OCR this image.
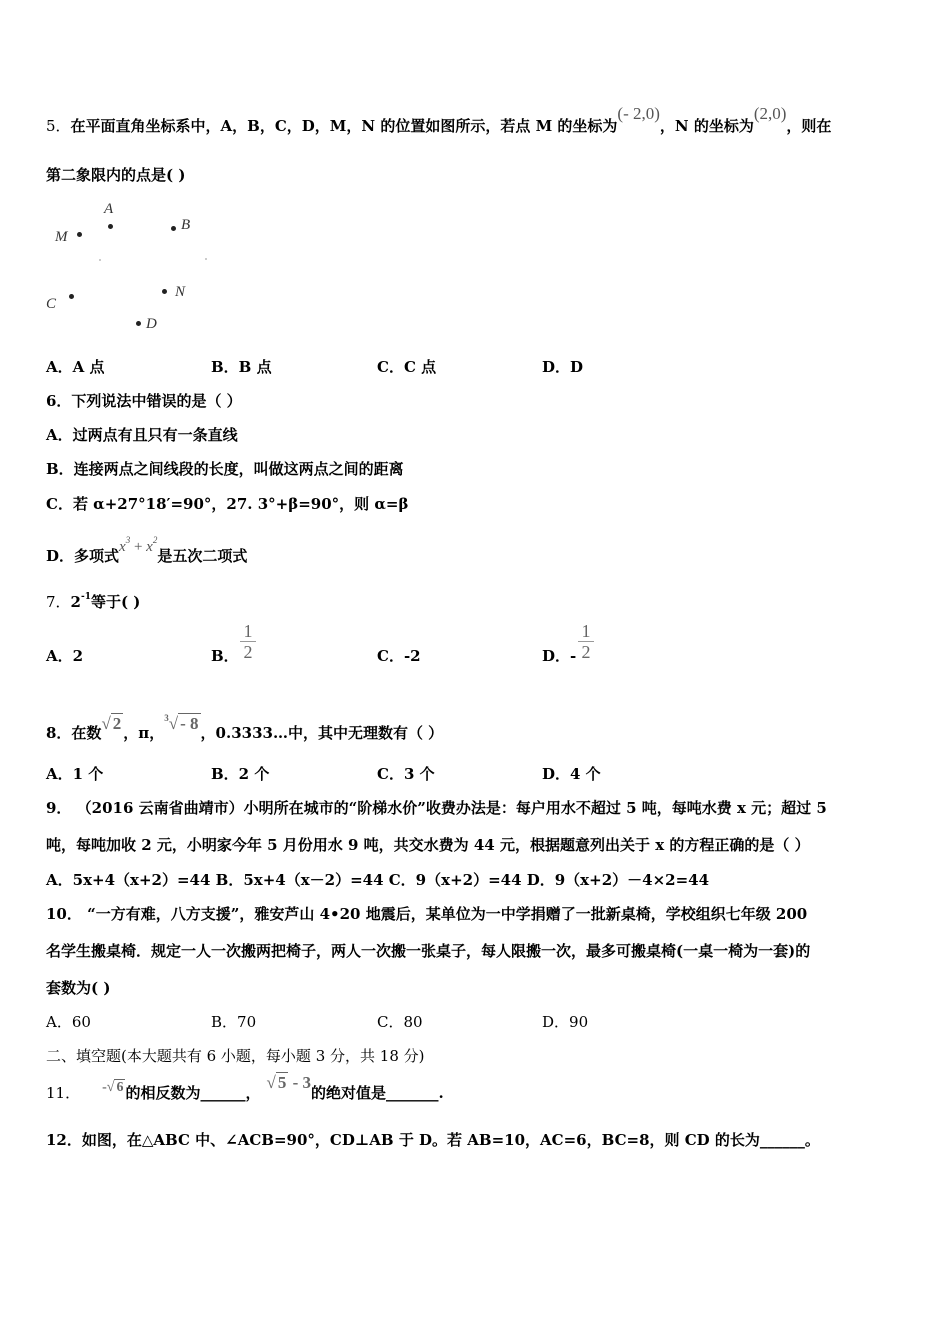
5．在平面直角坐标系中，A，B，C，D，M，N 的位置如图所示，若点 M 的坐标为(- 2,0)，N 的坐标为(2,0)，则在
第二象限内的点是( )
A
M
B
C
N
D
A．A 点	B．B 点	C．C 点	D．D
6．下列说法中错误的是（ ）
A．过两点有且只有一条直线
B．连接两点之间线段的长度，叫做这两点之间的距离
C．若 α+27°18′=90°，27. 3°+β=90°，则 α=β
D．多项式$x^3 + x^2$是五次二项式
7．$2^{-1}$等于( )
A．2	B． $\frac{1}{2}$	C．-2	D．- $\frac{1}{2}$
8．在数√ 2 ，π，$^3$√ - 8 ，0.3333…中，其中无理数有（ ）
A．1 个	B．2 个	C．3 个	D．4 个
9． （2016 云南省曲靖市）小明所在城市的“阶梯水价”收费办法是：每户用水不超过 5 吨，每吨水费 x 元；超过 5
吨，每吨加收 2 元，小明家今年 5 月份用水 9 吨，共交水费为 44 元，根据题意列出关于 x 的方程正确的是（ ）
A．5x+4（x+2）=44 B．5x+4（x－2）=44 C．9（x+2）=44 D．9（x+2）－4×2=44
10． “一方有难，八方支援”，雅安芦山 4•20 地震后，某单位为一中学捐赠了一批新桌椅，学校组织七年级 200
名学生搬桌椅．规定一人一次搬两把椅子，两人一次搬一张桌子，每人限搬一次，最多可搬桌椅(一桌一椅为一套)的
套数为( )
A．60	B．70	C．80	D．90
二、填空题(本大题共有 6 小题，每小题 3 分，共 18 分)
11． -√ 6 的相反数为______，√ 5 - 3的绝对值是_______.
12．如图，在△ABC 中、∠ACB=90°，CD⊥AB 于 D。若 AB=10，AC=6，BC=8，则 CD 的长为______。
